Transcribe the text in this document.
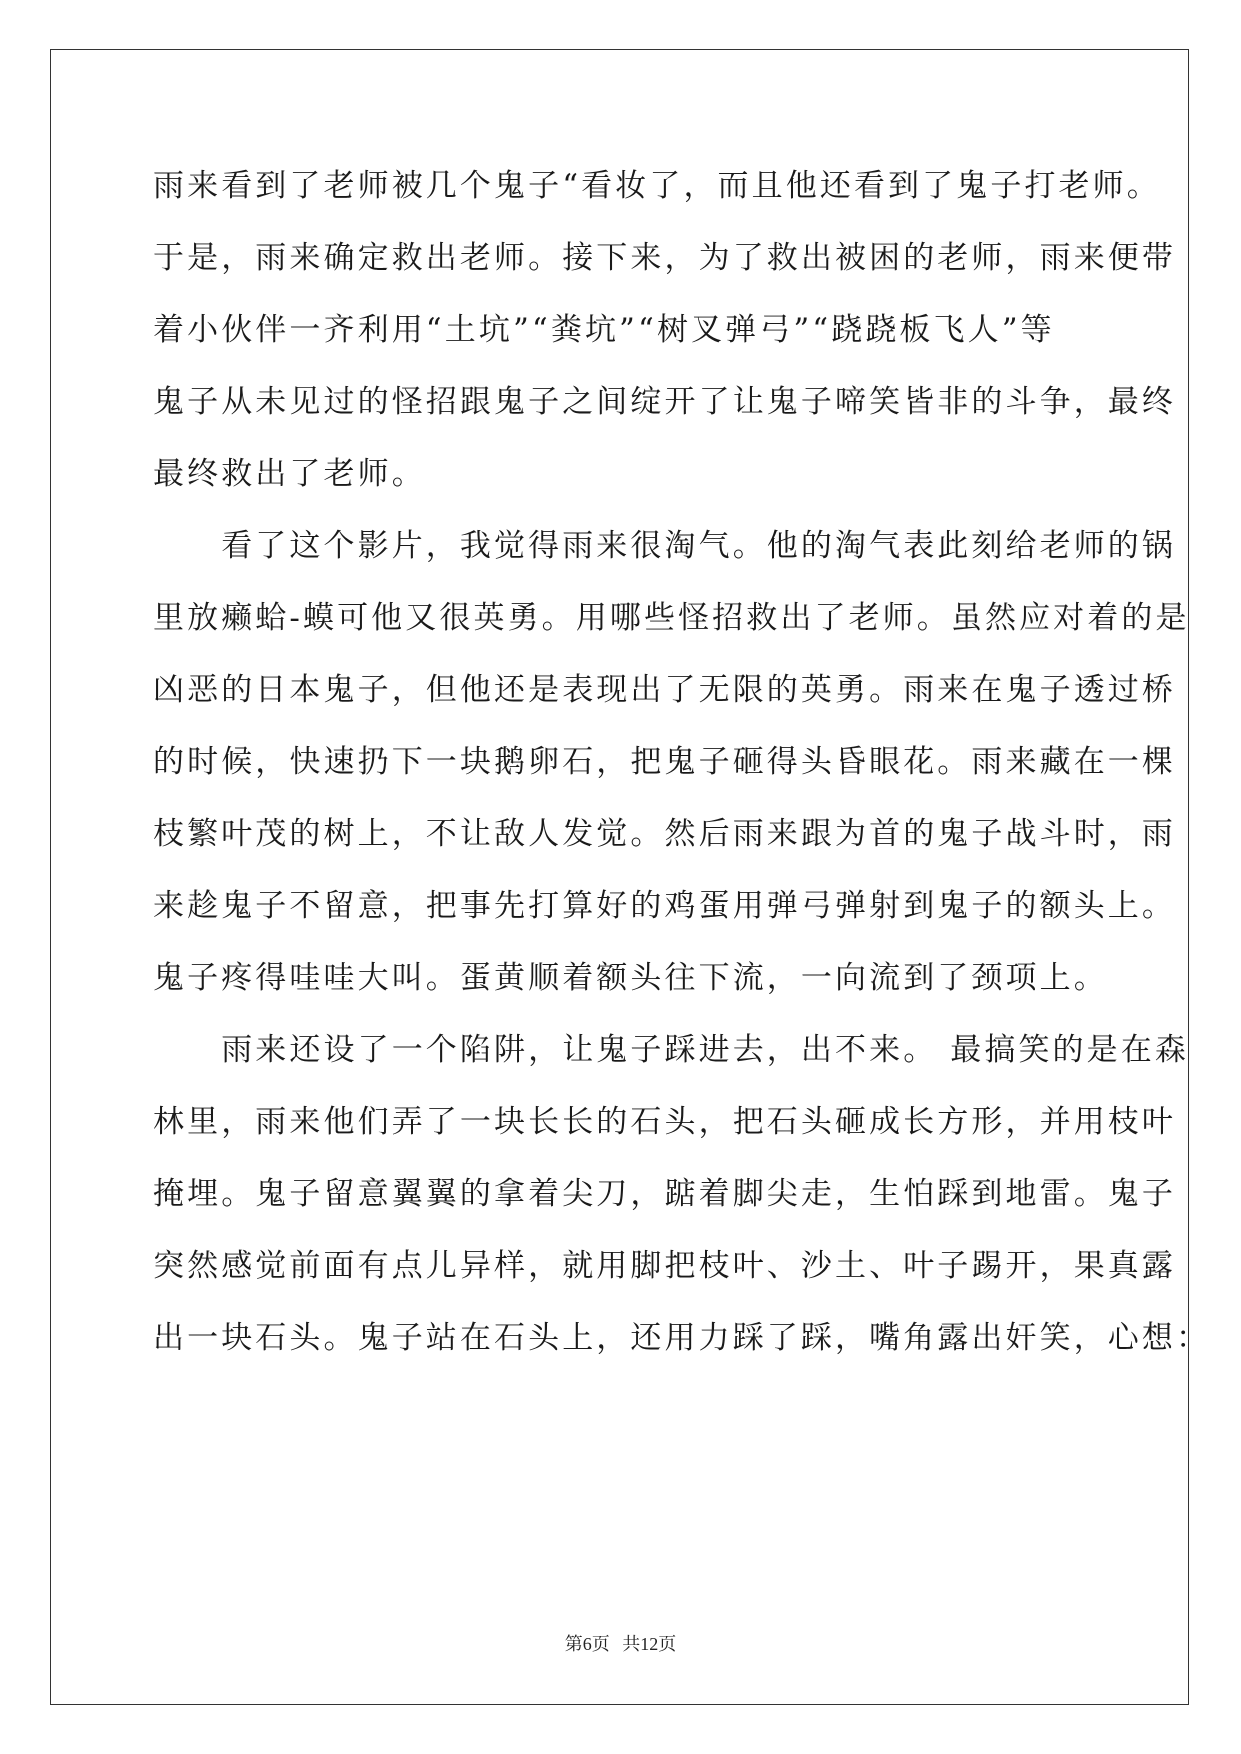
雨来看到了老师被几个鬼子“看妆了，而且他还看到了鬼子打老师。
于是，雨来确定救出老师。接下来，为了救出被困的老师，雨来便带
着小伙伴一齐利用“土坑”“粪坑”“树叉弹弓”“跷跷板飞人”等
鬼子从未见过的怪招跟鬼子之间绽开了让鬼子啼笑皆非的斗争，最终
最终救出了老师。
　　看了这个影片，我觉得雨来很淘气。他的淘气表此刻给老师的锅
里放癞蛤-蟆可他又很英勇。用哪些怪招救出了老师。虽然应对着的是
凶恶的日本鬼子，但他还是表现出了无限的英勇。雨来在鬼子透过桥
的时候，快速扔下一块鹅卵石，把鬼子砸得头昏眼花。雨来藏在一棵
枝繁叶茂的树上，不让敌人发觉。然后雨来跟为首的鬼子战斗时，雨
来趁鬼子不留意，把事先打算好的鸡蛋用弹弓弹射到鬼子的额头上。
鬼子疼得哇哇大叫。蛋黄顺着额头往下流，一向流到了颈项上。
　　雨来还设了一个陷阱，让鬼子踩进去，出不来。 最搞笑的是在森
林里，雨来他们弄了一块长长的石头，把石头砸成长方形，并用枝叶
掩埋。鬼子留意翼翼的拿着尖刀，踮着脚尖走，生怕踩到地雷。鬼子
突然感觉前面有点儿异样，就用脚把枝叶、沙土、叶子踢开，果真露
出一块石头。鬼子站在石头上，还用力踩了踩，嘴角露出奸笑，心想：
第6页 共12页
